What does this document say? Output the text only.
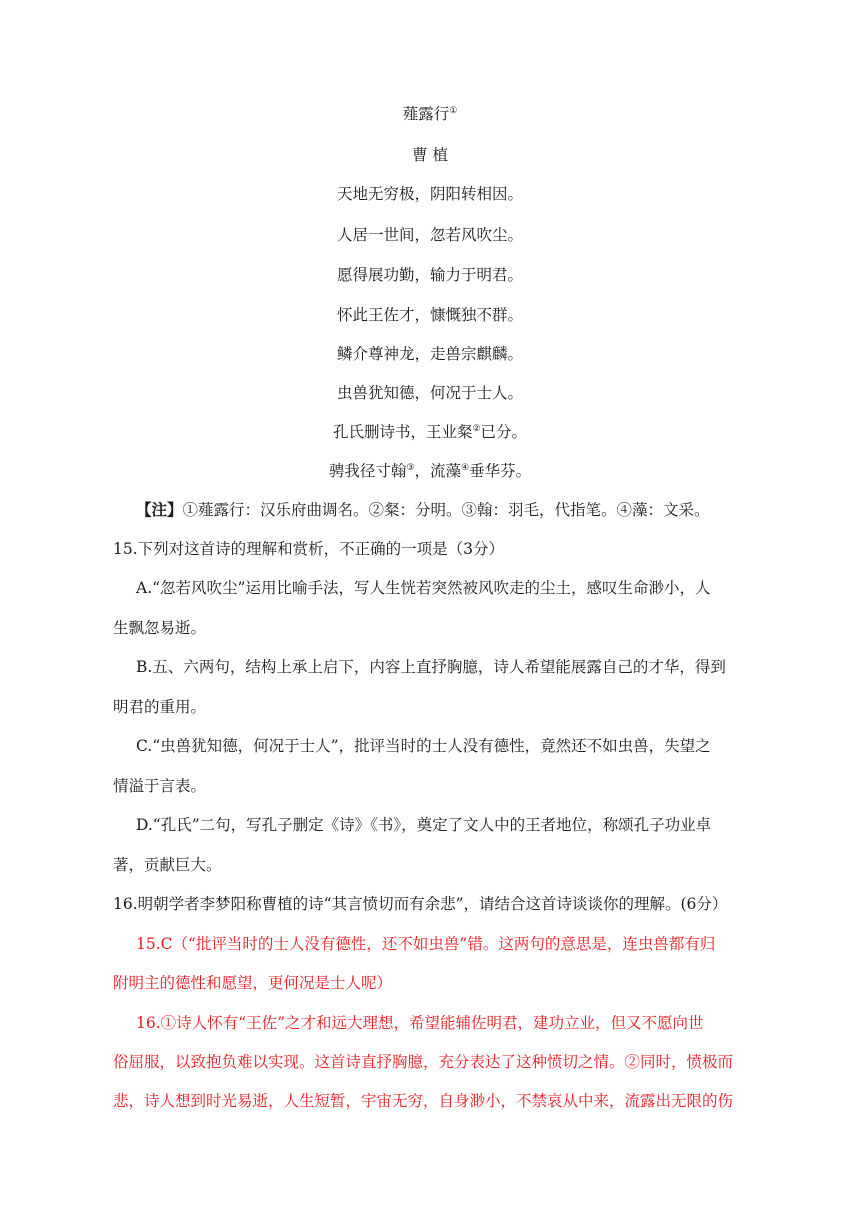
薤露行①
曹 植
天地无穷极，阴阳转相因。
人居一世间，忽若风吹尘。
愿得展功勤，输力于明君。
怀此王佐才，慷慨独不群。
鳞介尊神龙，走兽宗麒麟。
虫兽犹知德，何况于士人。
孔氏删诗书，王业粲②已分。
骋我径寸翰③，流藻④垂华芬。
【注】①薤露行：汉乐府曲调名。②粲：分明。③翰：羽毛，代指笔。④藻：文采。
15.下列对这首诗的理解和赏析，不正确的一项是（3分）
A.“忽若风吹尘”运用比喻手法，写人生恍若突然被风吹走的尘土，感叹生命渺小，人
生飘忽易逝。
B.五、六两句，结构上承上启下，内容上直抒胸臆，诗人希望能展露自己的才华，得到
明君的重用。
C.“虫兽犹知德，何况于士人”，批评当时的士人没有德性，竟然还不如虫兽，失望之
情溢于言表。
D.“孔氏”二句，写孔子删定《诗》《书》，奠定了文人中的王者地位，称颂孔子功业卓
著，贡献巨大。
16.明朝学者李梦阳称曹植的诗“其言愤切而有余悲”，请结合这首诗谈谈你的理解。(6分）
15.C（“批评当时的士人没有德性，还不如虫兽”错。这两句的意思是，连虫兽都有归
附明主的德性和愿望，更何况是士人呢）
16.①诗人怀有“王佐”之才和远大理想，希望能辅佐明君，建功立业，但又不愿向世
俗屈服，以致抱负难以实现。这首诗直抒胸臆，充分表达了这种愤切之情。②同时，愤极而
悲，诗人想到时光易逝，人生短暂，宇宙无穷，自身渺小，不禁哀从中来，流露出无限的伤
